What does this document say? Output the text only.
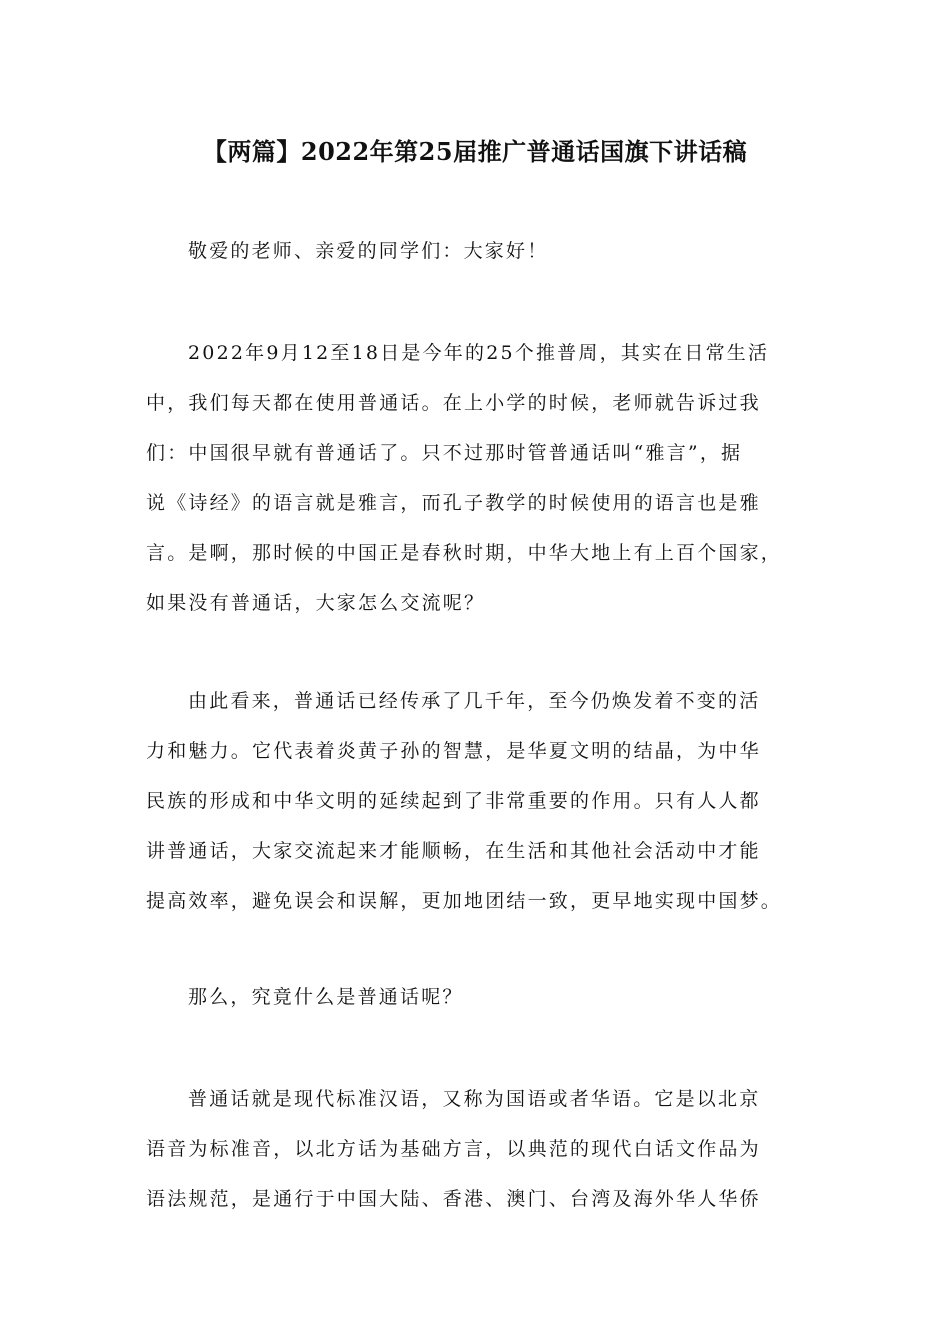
【两篇】2022年第25届推广普通话国旗下讲话稿

敬爱的老师、亲爱的同学们：大家好！

2022年9月12至18日是今年的25个推普周，其实在日常生活
中，我们每天都在使用普通话。在上小学的时候，老师就告诉过我
们：中国很早就有普通话了。只不过那时管普通话叫“雅言”，据
说《诗经》的语言就是雅言，而孔子教学的时候使用的语言也是雅
言。是啊，那时候的中国正是春秋时期，中华大地上有上百个国家，
如果没有普通话，大家怎么交流呢？

由此看来，普通话已经传承了几千年，至今仍焕发着不变的活
力和魅力。它代表着炎黄子孙的智慧，是华夏文明的结晶，为中华
民族的形成和中华文明的延续起到了非常重要的作用。只有人人都
讲普通话，大家交流起来才能顺畅，在生活和其他社会活动中才能
提高效率，避免误会和误解，更加地团结一致，更早地实现中国梦。

那么，究竟什么是普通话呢？

普通话就是现代标准汉语，又称为国语或者华语。它是以北京
语音为标准音，以北方话为基础方言，以典范的现代白话文作品为
语法规范，是通行于中国大陆、香港、澳门、台湾及海外华人华侨
